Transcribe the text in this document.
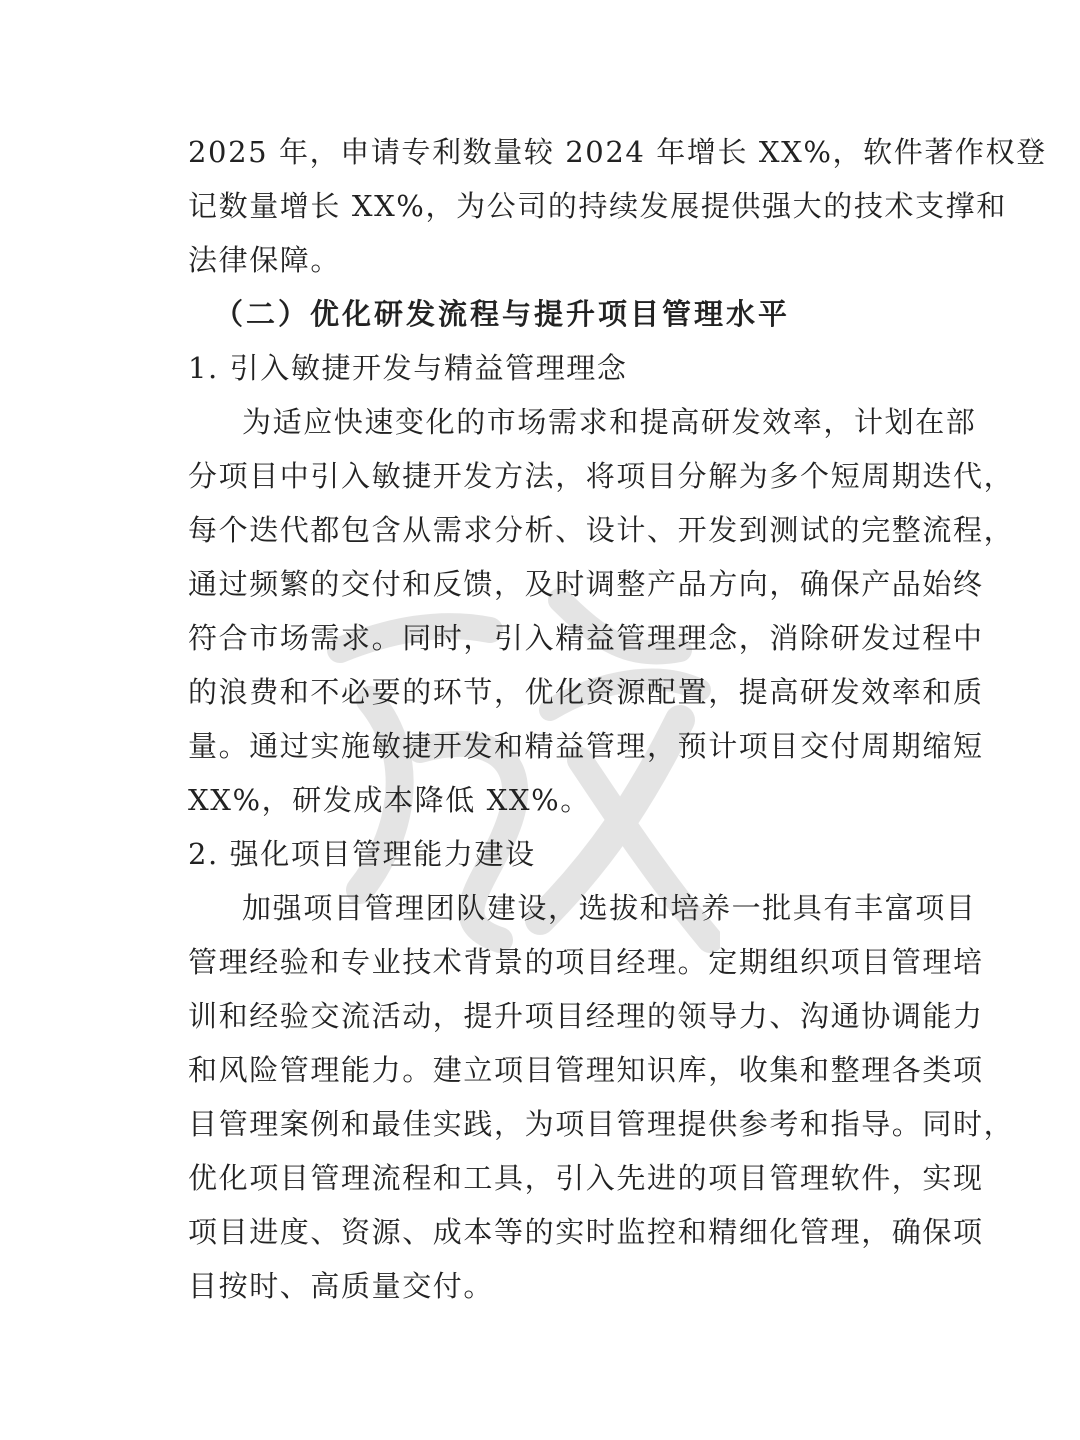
2025 年，申请专利数量较 2024 年增长 XX%，软件著作权登
记数量增长 XX%，为公司的持续发展提供强大的技术支撑和
法律保障。
（二）优化研发流程与提升项目管理水平
1. 引入敏捷开发与精益管理理念
为适应快速变化的市场需求和提高研发效率，计划在部
分项目中引入敏捷开发方法，将项目分解为多个短周期迭代，
每个迭代都包含从需求分析、设计、开发到测试的完整流程，
通过频繁的交付和反馈，及时调整产品方向，确保产品始终
符合市场需求。同时，引入精益管理理念，消除研发过程中
的浪费和不必要的环节，优化资源配置，提高研发效率和质
量。通过实施敏捷开发和精益管理，预计项目交付周期缩短
XX%，研发成本降低 XX%。
2. 强化项目管理能力建设
加强项目管理团队建设，选拔和培养一批具有丰富项目
管理经验和专业技术背景的项目经理。定期组织项目管理培
训和经验交流活动，提升项目经理的领导力、沟通协调能力
和风险管理能力。建立项目管理知识库，收集和整理各类项
目管理案例和最佳实践，为项目管理提供参考和指导。同时，
优化项目管理流程和工具，引入先进的项目管理软件，实现
项目进度、资源、成本等的实时监控和精细化管理，确保项
目按时、高质量交付。
